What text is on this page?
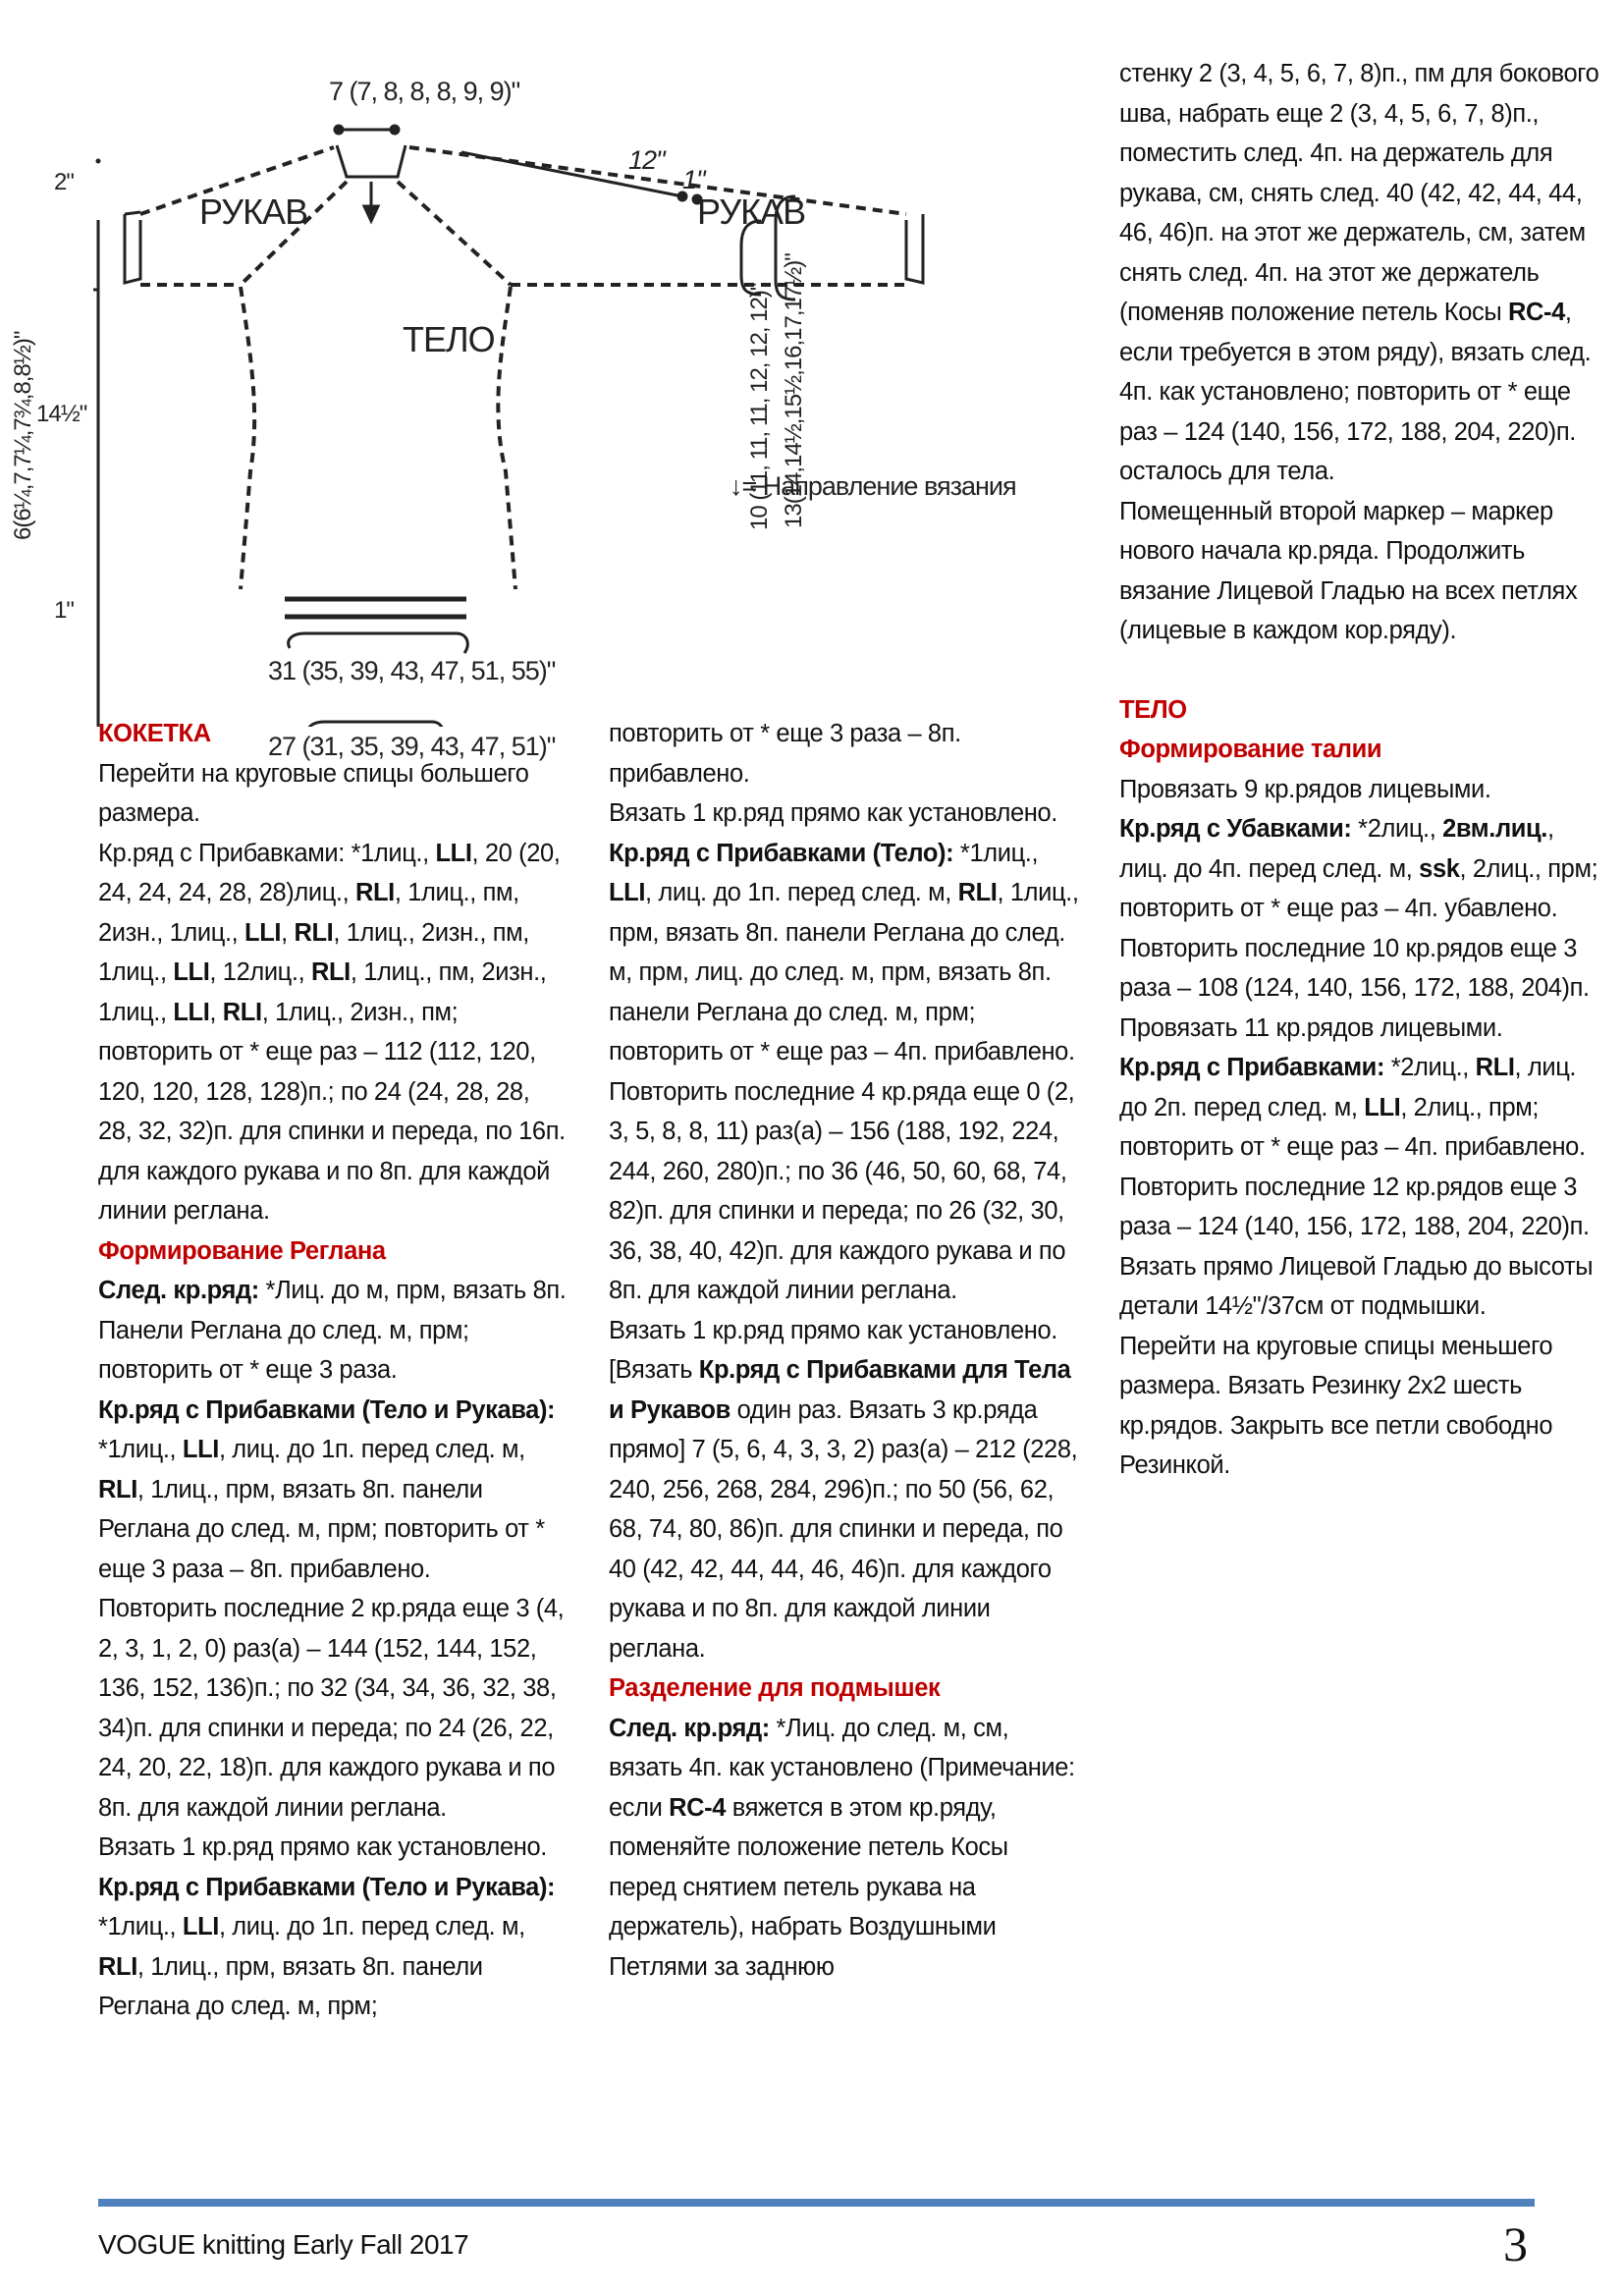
7 (7, 8, 8, 8, 9, 9)"
РУКАВ	РУКАВ
ТЕЛО
12"
1"
2"
6(6¼,7,7¼,7¾,8,8½)" 14½"
1"
10 (11, 11, 11, 12, 12, 12)" 13(14,14½,15½,16,17,17½)"
31 (35, 39, 43, 47, 51, 55)"
27 (31, 35, 39, 43, 47, 51)"
↓= Направление вязания

КОКЕТКА

Перейти на круговые спицы большего размера.

Кр.ряд с Прибавками: *1лиц., LLI, 20 (20, 24, 24, 24, 28, 28)лиц., RLI, 1лиц., пм, 2изн., 1лиц., LLI, RLI, 1лиц., 2изн., пм, 1лиц., LLI, 12лиц., RLI, 1лиц., пм, 2изн., 1лиц., LLI, RLI, 1лиц., 2изн., пм; повторить от * еще раз – 112 (112, 120, 120, 120, 128, 128)п.; по 24 (24, 28, 28, 28, 32, 32)п. для спинки и переда, по 16п. для каждого рукава и по 8п. для каждой линии реглана.

Формирование Реглана

След. кр.ряд: *Лиц. до м, прм, вязать 8п. Панели Реглана до след. м, прм; повторить от * еще 3 раза.

Кр.ряд с Прибавками (Тело и Рукава): *1лиц., LLI, лиц. до 1п. перед след. м, RLI, 1лиц., прм, вязать 8п. панели Реглана до след. м, прм; повторить от * еще 3 раза – 8п. прибавлено.

Повторить последние 2 кр.ряда еще 3 (4, 2, 3, 1, 2, 0) раз(а) – 144 (152, 144, 152, 136, 152, 136)п.; по 32 (34, 34, 36, 32, 38, 34)п. для спинки и переда; по 24 (26, 22, 24, 20, 22, 18)п. для каждого рукава и по 8п. для каждой линии реглана.

Вязать 1 кр.ряд прямо как установлено.

Кр.ряд с Прибавками (Тело и Рукава): *1лиц., LLI, лиц. до 1п. перед след. м, RLI, 1лиц., прм, вязать 8п. панели Реглана до след. м, прм;

повторить от * еще 3 раза – 8п. прибавлено.

Вязать 1 кр.ряд прямо как установлено.

Кр.ряд с Прибавками (Тело): *1лиц., LLI, лиц. до 1п. перед след. м, RLI, 1лиц., прм, вязать 8п. панели Реглана до след. м, прм, лиц. до след. м, прм, вязать 8п. панели Реглана до след. м, прм; повторить от * еще раз – 4п. прибавлено.

Повторить последние 4 кр.ряда еще 0 (2, 3, 5, 8, 8, 11) раз(а) – 156 (188, 192, 224, 244, 260, 280)п.; по 36 (46, 50, 60, 68, 74, 82)п. для спинки и переда; по 26 (32, 30, 36, 38, 40, 42)п. для каждого рукава и по 8п. для каждой линии реглана.

Вязать 1 кр.ряд прямо как установлено.

[Вязать Кр.ряд с Прибавками для Тела и Рукавов один раз. Вязать 3 кр.ряда прямо] 7 (5, 6, 4, 3, 3, 2) раз(а) – 212 (228, 240, 256, 268, 284, 296)п.; по 50 (56, 62, 68, 74, 80, 86)п. для спинки и переда, по 40 (42, 42, 44, 44, 46, 46)п. для каждого рукава и по 8п. для каждой линии реглана.

Разделение для подмышек

След. кр.ряд: *Лиц. до след. м, см, вязать 4п. как установлено (Примечание: если RC-4 вяжется в этом кр.ряду, поменяйте положение петель Косы перед снятием петель рукава на держатель), набрать Воздушными Петлями за заднюю

стенку 2 (3, 4, 5, 6, 7, 8)п., пм для бокового шва, набрать еще 2 (3, 4, 5, 6, 7, 8)п., поместить след. 4п. на держатель для рукава, см, снять след. 40 (42, 42, 44, 44, 46, 46)п. на этот же держатель, см, затем снять след. 4п. на этот же держатель (поменяв положение петель Косы RC-4, если требуется в этом ряду), вязать след. 4п. как установлено; повторить от * еще раз – 124 (140, 156, 172, 188, 204, 220)п. осталось для тела.

Помещенный второй маркер – маркер нового начала кр.ряда. Продолжить вязание Лицевой Гладью на всех петлях (лицевые в каждом кор.ряду).

ТЕЛО

Формирование талии

Провязать 9 кр.рядов лицевыми.

Кр.ряд с Убавками: *2лиц., 2вм.лиц., лиц. до 4п. перед след. м, ssk, 2лиц., прм; повторить от * еще раз – 4п. убавлено.

Повторить последние 10 кр.рядов еще 3 раза – 108 (124, 140, 156, 172, 188, 204)п. Провязать 11 кр.рядов лицевыми.

Кр.ряд с Прибавками: *2лиц., RLI, лиц. до 2п. перед след. м, LLI, 2лиц., прм; повторить от * еще раз – 4п. прибавлено.

Повторить последние 12 кр.рядов еще 3 раза – 124 (140, 156, 172, 188, 204, 220)п.

Вязать прямо Лицевой Гладью до высоты детали 14½"/37см от подмышки.

Перейти на круговые спицы меньшего размера. Вязать Резинку 2x2 шесть кр.рядов. Закрыть все петли свободно Резинкой.

VOGUE knitting Early Fall 2017	3
